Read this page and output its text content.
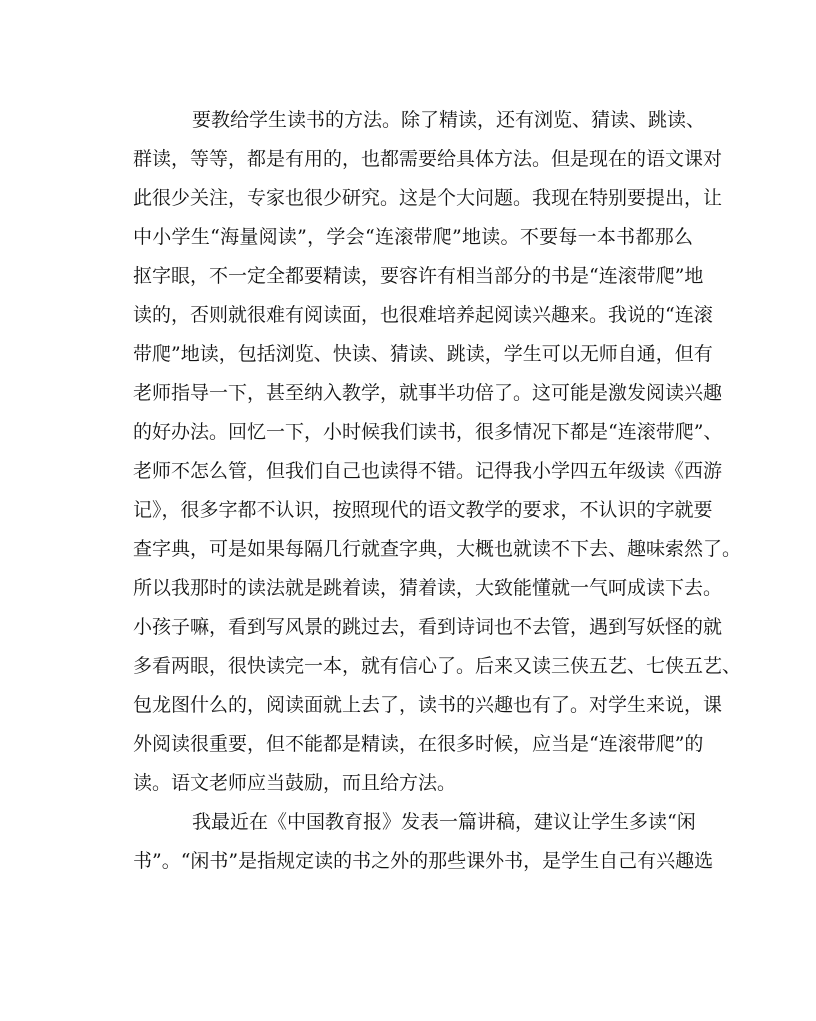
要教给学生读书的方法。除了精读，还有浏览、猜读、跳读、
群读，等等，都是有用的，也都需要给具体方法。但是现在的语文课对
此很少关注，专家也很少研究。这是个大问题。我现在特别要提出，让
中小学生“海量阅读”，学会“连滚带爬”地读。不要每一本书都那么
抠字眼，不一定全都要精读，要容许有相当部分的书是“连滚带爬”地
读的，否则就很难有阅读面，也很难培养起阅读兴趣来。我说的“连滚
带爬”地读，包括浏览、快读、猜读、跳读，学生可以无师自通，但有
老师指导一下，甚至纳入教学，就事半功倍了。这可能是激发阅读兴趣
的好办法。回忆一下，小时候我们读书，很多情况下都是“连滚带爬”、
老师不怎么管，但我们自己也读得不错。记得我小学四五年级读《西游
记》，很多字都不认识，按照现代的语文教学的要求，不认识的字就要
查字典，可是如果每隔几行就查字典，大概也就读不下去、趣味索然了。
所以我那时的读法就是跳着读，猜着读，大致能懂就一气呵成读下去。
小孩子嘛，看到写风景的跳过去，看到诗词也不去管，遇到写妖怪的就
多看两眼，很快读完一本，就有信心了。后来又读三侠五艺、七侠五艺、
包龙图什么的，阅读面就上去了，读书的兴趣也有了。对学生来说，课
外阅读很重要，但不能都是精读，在很多时候，应当是“连滚带爬”的
读。语文老师应当鼓励，而且给方法。
我最近在《中国教育报》发表一篇讲稿，建议让学生多读“闲
书”。“闲书”是指规定读的书之外的那些课外书，是学生自己有兴趣选
